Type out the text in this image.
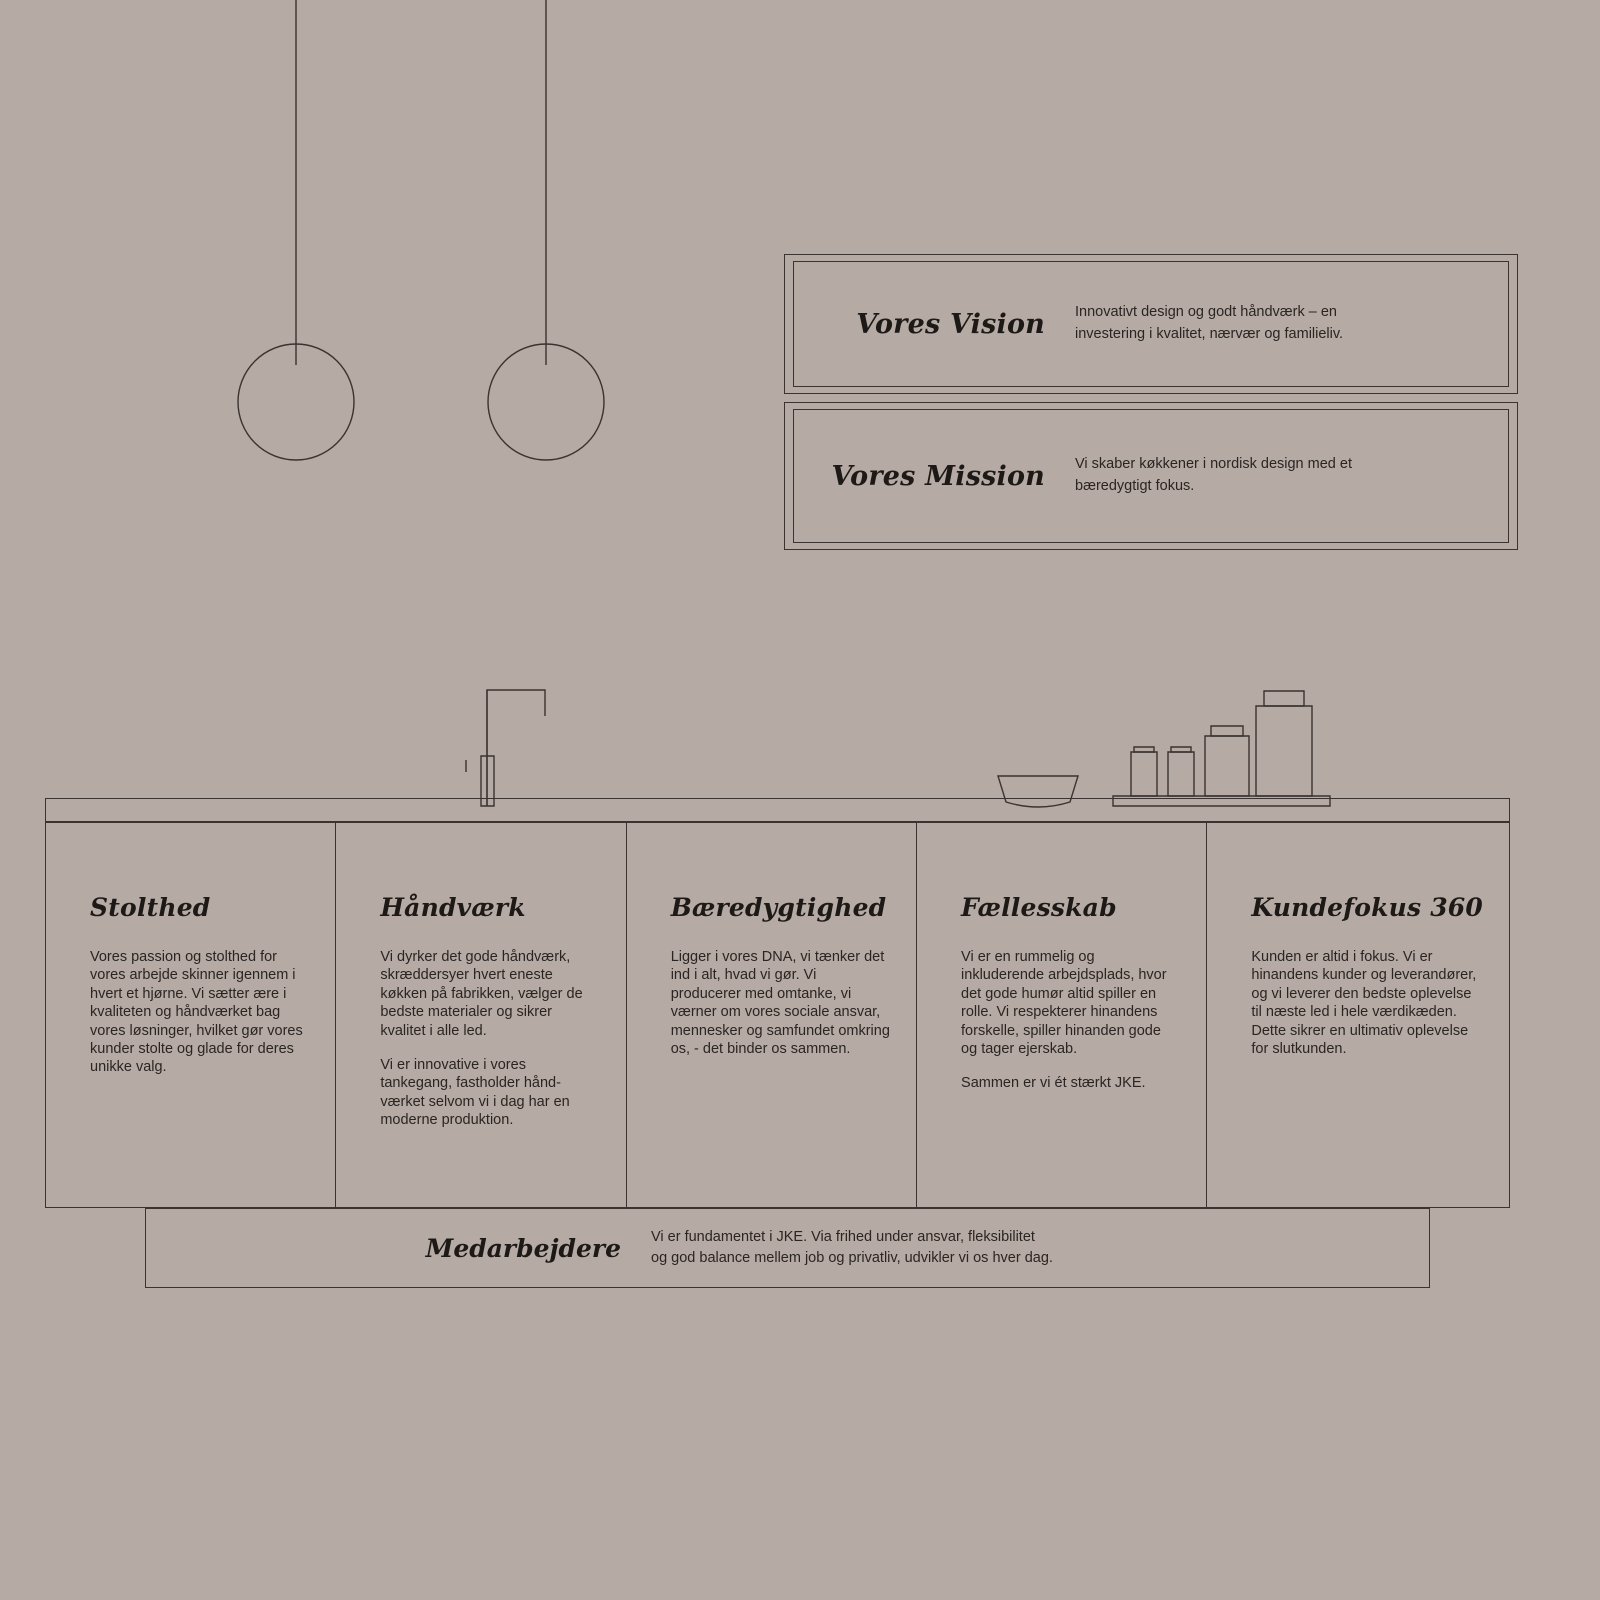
Vores Vision	Innovativt design og godt håndværk – en investering i kvalitet, nærvær og familieliv.
Vores Mission	Vi skaber køkkener i nordisk design med et bæredygtigt fokus.
Stolthed

Vores passion og stolthed for vores arbejde skinner igennem i hvert et hjørne. Vi sætter ære i kvaliteten og håndværket bag vores løsninger, hvilket gør vores kunder stolte og glade for deres unikke valg.

Håndværk

Vi dyrker det gode håndværk, skræddersyer hvert eneste køkken på fabrikken, vælger de bedste materialer og sikrer kvalitet i alle led.

Vi er innovative i vores tankegang, fastholder hånd-værket selvom vi i dag har en moderne produktion.

Bæredygtighed

Ligger i vores DNA, vi tænker det ind i alt, hvad vi gør. Vi producerer med omtanke, vi værner om vores sociale ansvar, mennesker og samfundet omkring os, - det binder os sammen.

Fællesskab

Vi er en rummelig og inkluderende arbejdsplads, hvor det gode humør altid spiller en rolle. Vi respekterer hinandens forskelle, spiller hinanden gode og tager ejerskab.

Sammen er vi ét stærkt JKE.

Kundefokus 360

Kunden er altid i fokus. Vi er hinandens kunder og leverandører, og vi leverer den bedste oplevelse til næste led i hele værdikæden. Dette sikrer en ultimativ oplevelse for slutkunden.

Medarbejdere	Vi er fundamentet i JKE. Via frihed under ansvar, fleksibilitet
og god balance mellem job og privatliv, udvikler vi os hver dag.
